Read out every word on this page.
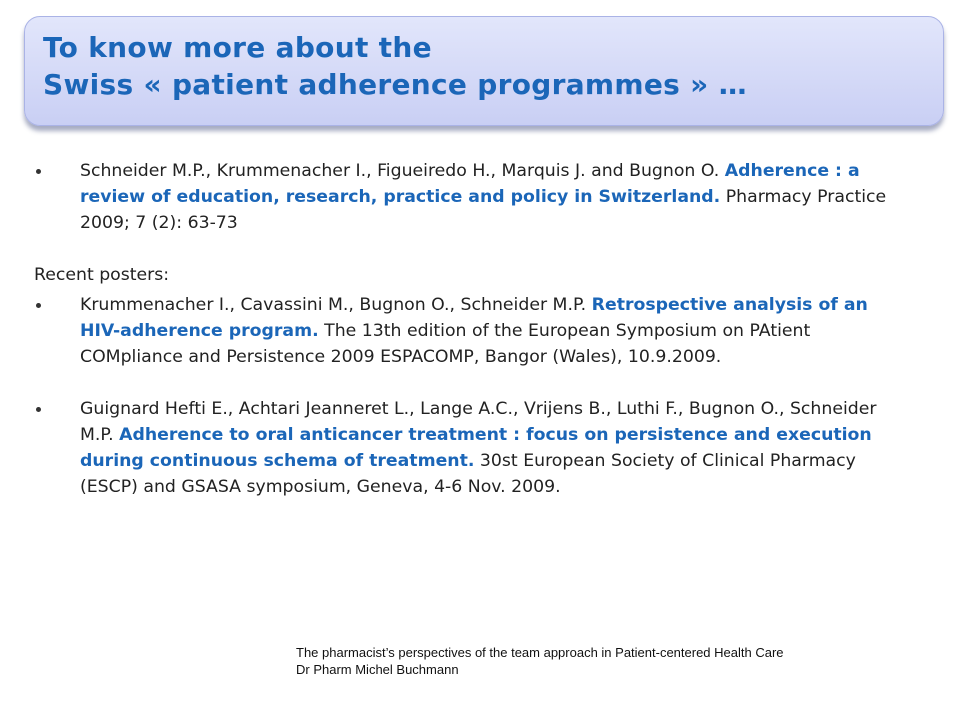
To know more about the
Swiss « patient adherence programmes » …
Schneider M.P., Krummenacher I., Figueiredo H., Marquis J. and Bugnon O. Adherence : a review of education, research, practice and policy in Switzerland. Pharmacy Practice 2009; 7 (2): 63-73
Recent posters:
Krummenacher I., Cavassini M., Bugnon O., Schneider M.P. Retrospective analysis of an HIV-adherence program. The 13th edition of the European Symposium on PAtient COMpliance and Persistence 2009 ESPACOMP, Bangor (Wales), 10.9.2009.
Guignard Hefti E., Achtari Jeanneret L., Lange A.C., Vrijens B., Luthi F., Bugnon O., Schneider M.P. Adherence to oral anticancer treatment : focus on persistence and execution during continuous schema of treatment. 30st European Society of Clinical Pharmacy (ESCP) and GSASA symposium, Geneva, 4-6 Nov. 2009.
The pharmacist’s perspectives of the team approach in Patient-centered Health Care
Dr Pharm Michel Buchmann
